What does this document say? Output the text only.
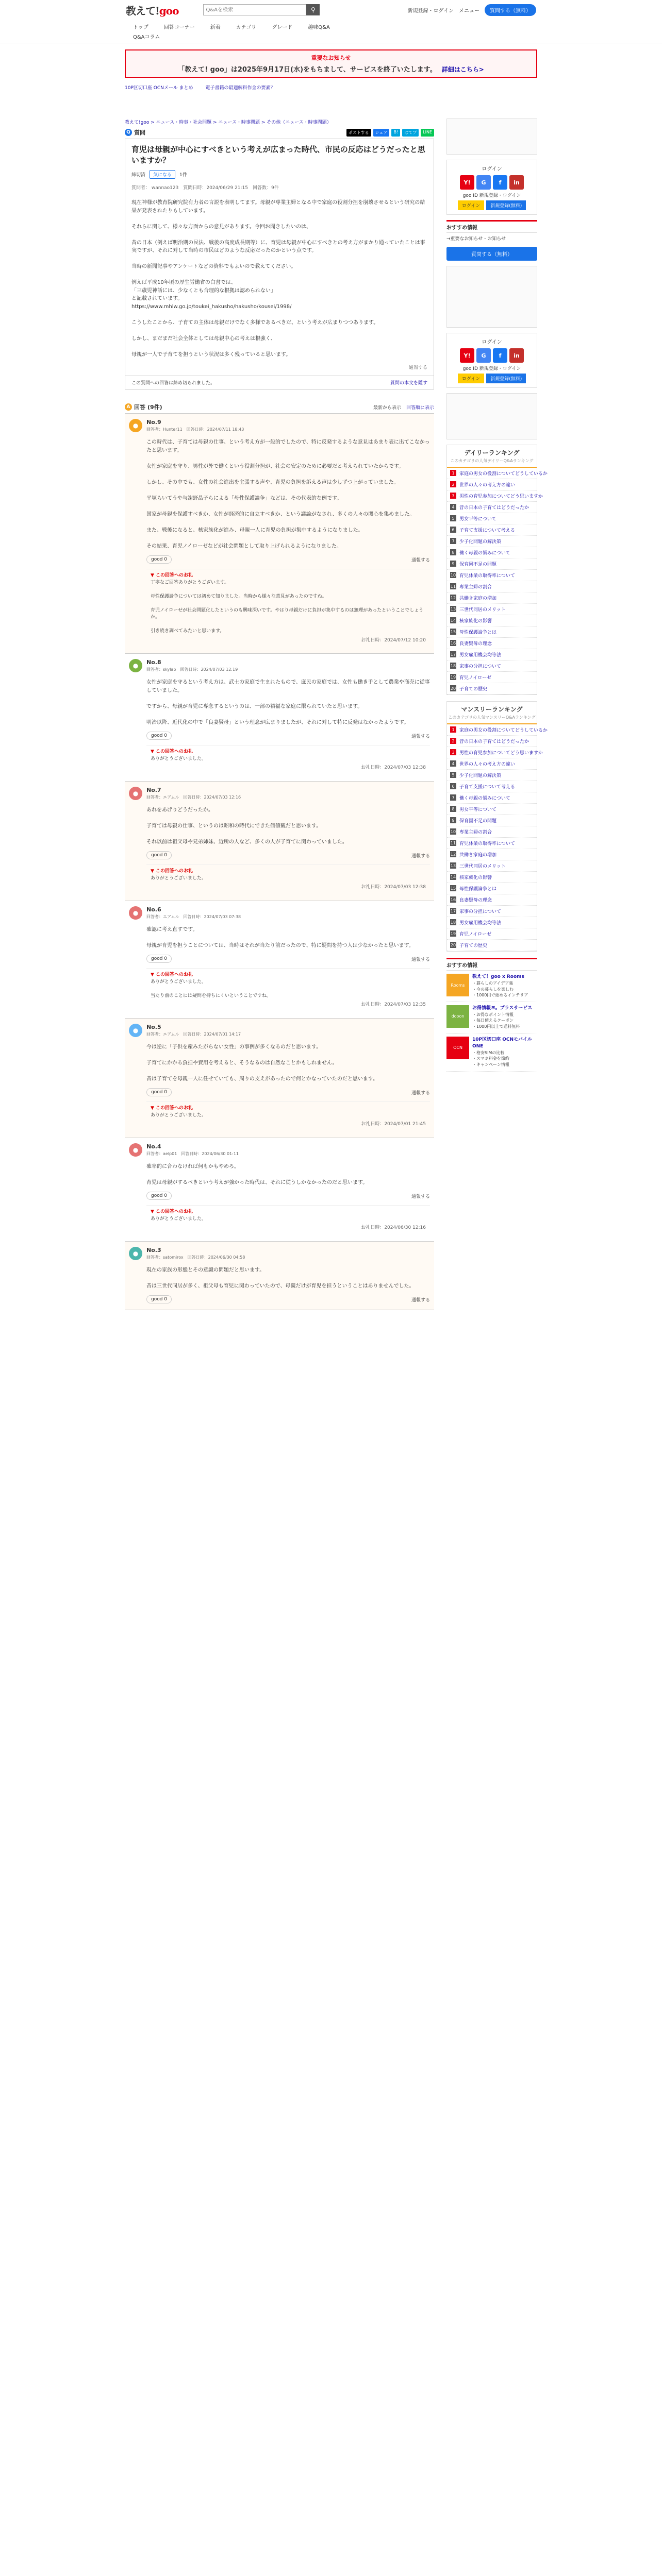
教えて!goo
Q&Aを検索	⚲	新規登録・ログイン メニュー	質問する（無料）
トップ	回答コーナー	新着	カテゴリ	グレード	趣味Q&A
Q&Aコラム
重要なお知らせ
「教えて! goo」は2025年9月17日(水)をもちまして、サービスを終了いたします。 詳細はこちら>
10P区切口座 OCNメール まとめ	電子書籍の最適解料作金の要素？
教えて!goo > ニュース・時事・社会問題 > ニュース・時事問題 > その他（ニュース・時事問題）
Q 質問	ポストする	シェア	B!	はてブ	LINE
育児は母親が中心にすべきという考えが広まった時代、市民の反応はどうだったと思いますか？
締切済	気になる	1件
質問者： wannao123　質問日時：2024/06/29 21:15　回答数：9件
現在神様が教育院研究院有力者の言説を表明してます。母親が専業主婦となる中で家庭の役割分担を崩壊させるという研究の結果が発表されたりもしています。

それらに関して、様々な方面からの意見があります。今回お聞きしたいのは、

昔の日本（例えば明治期の民法、戦後の高度成長期等）に、育児は母親が中心にすべきとの考え方がまかり通っていたことは事実ですが、それに対して当時の市民はどのような反応だったのかという点です。

当時の新聞記事やアンケートなどの資料でもよいので教えてください。

例えば平成10年頃の厚生労働省の白書では、
「三歳児神話には、少なくとも合理的な根拠は認められない」
と記載されています。
https://www.mhlw.go.jp/toukei_hakusho/hakusho/kousei/1998/

こうしたことから、子育ての主体は母親だけでなく多様であるべきだ、という考えが広まりつつあります。

しかし、まだまだ社会全体としては母親中心の考えは根強く、

母親が一人で子育てを担うという状況は多く残っていると思います。
通報する
この質問への回答は締め切られました。	質問の本文を隠す
A 回答 (9件)	最新から表示 回答順に表示
●	No.9
回答者：Hunter11　回答日時：2024/07/11 18:43
この時代は、子育ては母親の仕事、という考え方が一般的でしたので、特に反発するような意見はあまり表に出てこなかったと思います。

女性が家庭を守り、男性が外で働くという役割分担が、社会の安定のために必要だと考えられていたからです。

しかし、その中でも、女性の社会進出を主張する声や、育児の負担を訴える声は少しずつ上がっていました。

平塚らいてうや与謝野晶子らによる「母性保護論争」などは、その代表的な例です。

国家が母親を保護すべきか、女性が経済的に自立すべきか、という議論がなされ、多くの人々の関心を集めました。

また、戦後になると、核家族化が進み、母親一人に育児の負担が集中するようになりました。

その結果、育児ノイローゼなどが社会問題として取り上げられるようになりました。
good 0	通報する
▼ この回答へのお礼
丁寧なご回答ありがとうございます。

母性保護論争については初めて知りました。当時から様々な意見があったのですね。

育児ノイローゼが社会問題化したというのも興味深いです。やはり母親だけに負担が集中するのは無理があったということでしょうか。

引き続き調べてみたいと思います。
お礼日時：2024/07/12 10:20
●	No.8
回答者：skylab　回答日時：2024/07/03 12:19
女性が家庭を守るという考え方は、武士の家庭で生まれたもので、庶民の家庭では、女性も働き手として農業や商売に従事していました。

ですから、母親が育児に専念するというのは、一部の裕福な家庭に限られていたと思います。

明治以降、近代化の中で「良妻賢母」という理念が広まりましたが、それに対して特に反発はなかったようです。
good 0	通報する
▼ この回答へのお礼
ありがとうございました。
お礼日時：2024/07/03 12:38
●	No.7
回答者：エアムル　回答日時：2024/07/03 12:16
あれをあげりどうだったか。

子育ては母親の仕事、というのは昭和の時代にできた価値観だと思います。

それ以前は祖父母や兄弟姉妹、近所の人など、多くの人が子育てに関わっていました。
good 0	通報する
▼ この回答へのお礼
ありがとうございました。
お礼日時：2024/07/03 12:38
●	No.6
回答者：エアムル　回答日時：2024/07/03 07:38
確認に考え直すです。

母親が育児を担うことについては、当時はそれが当たり前だったので、特に疑問を持つ人は少なかったと思います。
good 0	通報する
▼ この回答へのお礼
ありがとうございました。

当たり前のことには疑問を持ちにくいということですね。
お礼日時：2024/07/03 12:35
●	No.5
回答者：エアムル　回答日時：2024/07/01 14:17
今は逆に「子供を産みたがらない女性」の事例が多くなるのだと思います。

子育てにかかる負担や費用を考えると、そうなるのは自然なことかもしれません。

昔は子育てを母親一人に任せていても、周りの支えがあったので何とかなっていたのだと思います。
good 0	通報する
▼ この回答へのお礼
ありがとうございました。
お礼日時：2024/07/01 21:45
●	No.4
回答者：aelp01　回答日時：2024/06/30 01:11
確率的に合わなければ何もかもやめろ。

育児は母親がするべきという考えが強かった時代は、それに従うしかなかったのだと思います。
good 0	通報する
▼ この回答へのお礼
ありがとうございました。
お礼日時：2024/06/30 12:16
●	No.3
回答者：satomirox　回答日時：2024/06/30 04:58
現在の家族の形態とその意識の問題だと思います。

昔は三世代同居が多く、祖父母も育児に関わっていたので、母親だけが育児を担うということはありませんでした。
good 0	通報する
ログイン
Y!	G	f	in
goo ID 新規登録・ログイン
ログイン	新規登録(無料)
おすすめ情報
→重要なお知らせ・お知らせ
質問する（無料）
ログイン
Y!	G	f	in
goo ID 新規登録・ログイン
ログイン	新規登録(無料)
デイリーランキング
このカテゴリの人気デイリーQ&Aランキング
1	家庭の男女の役割についてどうしているか
2	世界の人々の考え方の違い
3	男性の育児参加についてどう思いますか
4	昔の日本の子育てはどうだったか
5	男女平等について
6	子育て支援について考える
7	少子化問題の解決策
8	働く母親の悩みについて
9	保育園不足の問題
10 育児休業の取得率について
11 専業主婦の割合
12 共働き家庭の増加
13 三世代同居のメリット
14 核家族化の影響
15 母性保護論争とは
16 良妻賢母の理念
17 男女雇用機会均等法
18 家事の分担について
19 育児ノイローゼ
20 子育ての歴史
マンスリーランキング
このカテゴリの人気マンスリーQ&Aランキング
1	家庭の男女の役割についてどうしているか
2	昔の日本の子育てはどうだったか
3	男性の育児参加についてどう思いますか
4	世界の人々の考え方の違い
5	少子化問題の解決策
6	子育て支援について考える
7	働く母親の悩みについて
8	男女平等について
9	保育園不足の問題
10 専業主婦の割合
11 育児休業の取得率について
12 共働き家庭の増加
13 三世代同居のメリット
14 核家族化の影響
15 母性保護論争とは
16 良妻賢母の理念
17 家事の分担について
18 男女雇用機会均等法
19 育児ノイローゼ
20 子育ての歴史
おすすめ情報
Rooms
教えて！goo x Rooms
・暮らしのアイデア集
・今の暮らしを楽しむ
・1000円で始めるインテリア
dooon
お得情報ヨ。プラスサービス
・お得なポイント情報
・毎日使えるクーポン
・1000円以上で送料無料
OCN
10P区切口座 OCNモバイル ONE
・格安SIMの比較
・スマホ料金を節約
・キャンペーン情報
